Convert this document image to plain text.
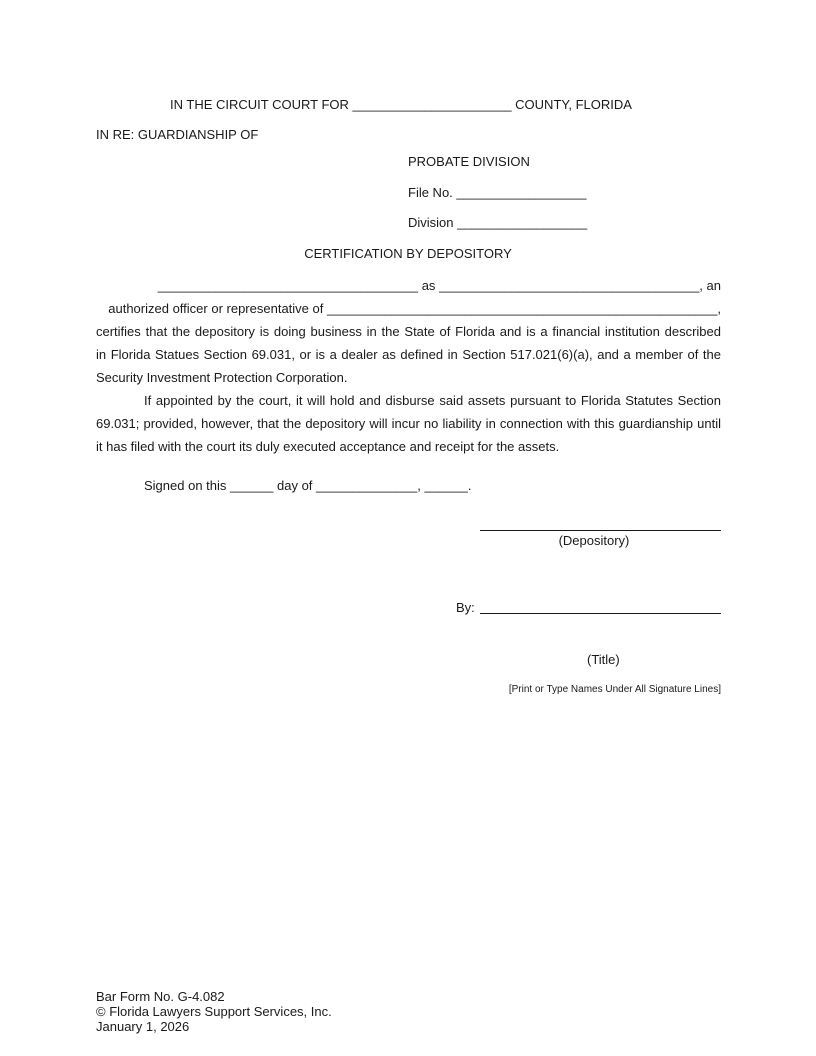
IN THE CIRCUIT COURT FOR ______________________ COUNTY, FLORIDA
IN RE: GUARDIANSHIP OF
PROBATE DIVISION
File No. __________________
Division __________________
CERTIFICATION BY DEPOSITORY
____________________________________ as ____________________________________, an
authorized officer or representative of ______________________________________________________,
certifies that the depository is doing business in the State of Florida and is a financial institution described
in Florida Statues Section 69.031, or is a dealer as defined in Section 517.021(6)(a), and a member of the
Security Investment Protection Corporation.
If appointed by the court, it will hold and disburse said assets pursuant to Florida Statutes Section 69.031; provided, however, that the depository will incur no liability in connection with this guardianship until it has filed with the court its duly executed acceptance and receipt for the assets.
Signed on this ______ day of ______________, ______.
(Depository)
By:
(Title)
[Print or Type Names Under All Signature Lines]
Bar Form No. G-4.082
© Florida Lawyers Support Services, Inc.
January 1, 2026
